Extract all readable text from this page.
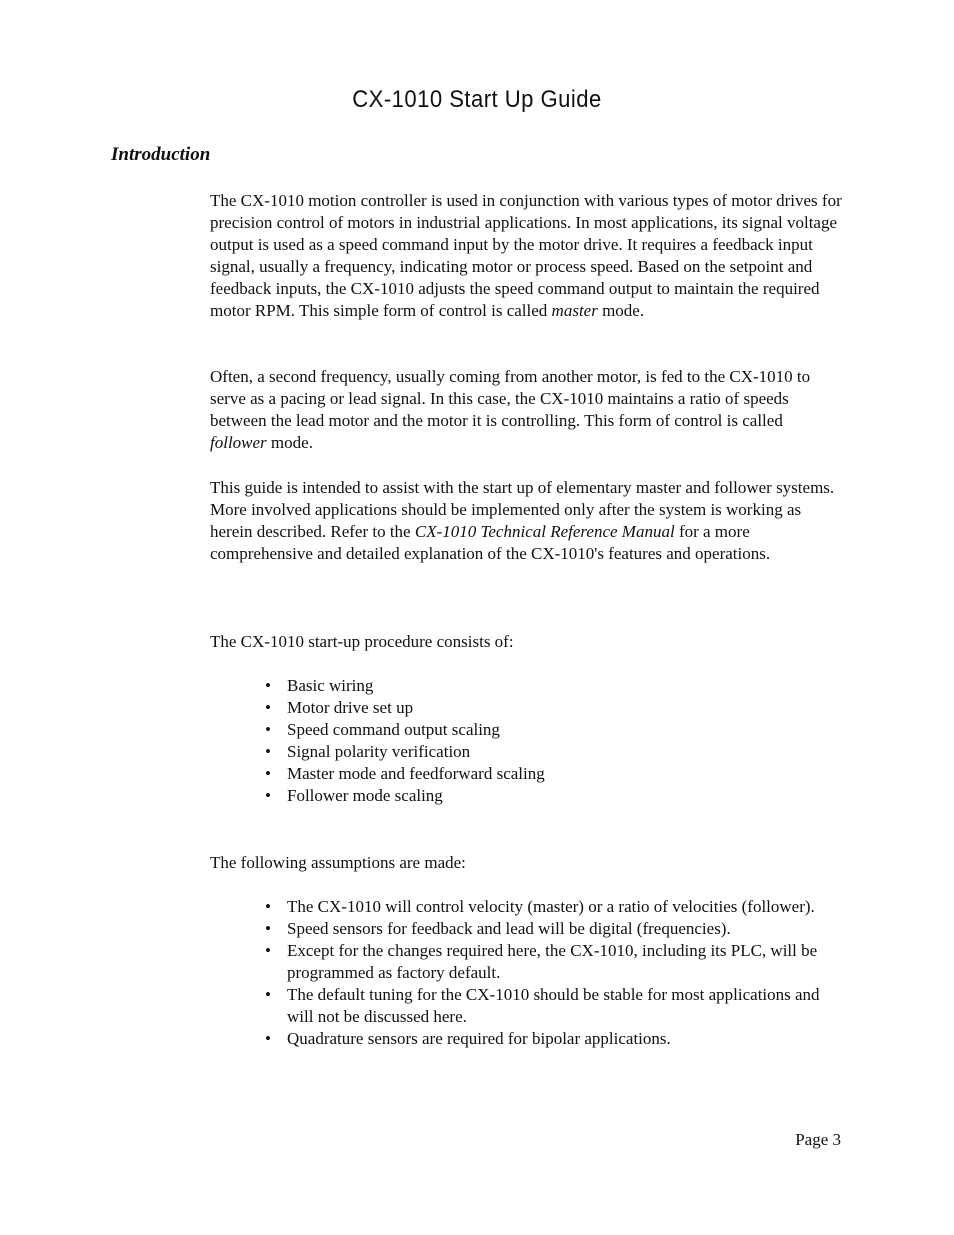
CX-1010 Start Up Guide
Introduction

The CX-1010 motion controller is used in conjunction with various types of motor drives for precision control of motors in industrial applications. In most applications, its signal voltage output is used as a speed command input by the motor drive. It requires a feedback input signal, usually a frequency, indicating motor or process speed. Based on the setpoint and feedback inputs, the CX-1010 adjusts the speed command output to maintain the required motor RPM. This simple form of control is called master mode.

Often, a second frequency, usually coming from another motor, is fed to the CX-1010 to serve as a pacing or lead signal. In this case, the CX-1010 maintains a ratio of speeds between the lead motor and the motor it is controlling. This form of control is called follower mode.

This guide is intended to assist with the start up of elementary master and follower systems. More involved applications should be implemented only after the system is working as herein described. Refer to the CX-1010 Technical Reference Manual for a more comprehensive and detailed explanation of the CX-1010's features and operations.

The CX-1010 start-up procedure consists of:

• Basic wiring
• Motor drive set up
• Speed command output scaling
• Signal polarity verification
• Master mode and feedforward scaling
• Follower mode scaling

The following assumptions are made:

• The CX-1010 will control velocity (master) or a ratio of velocities (follower).
• Speed sensors for feedback and lead will be digital (frequencies).
• Except for the changes required here, the CX-1010, including its PLC, will be programmed as factory default.
• The default tuning for the CX-1010 should be stable for most applications and will not be discussed here.
• Quadrature sensors are required for bipolar applications.

Page 3
